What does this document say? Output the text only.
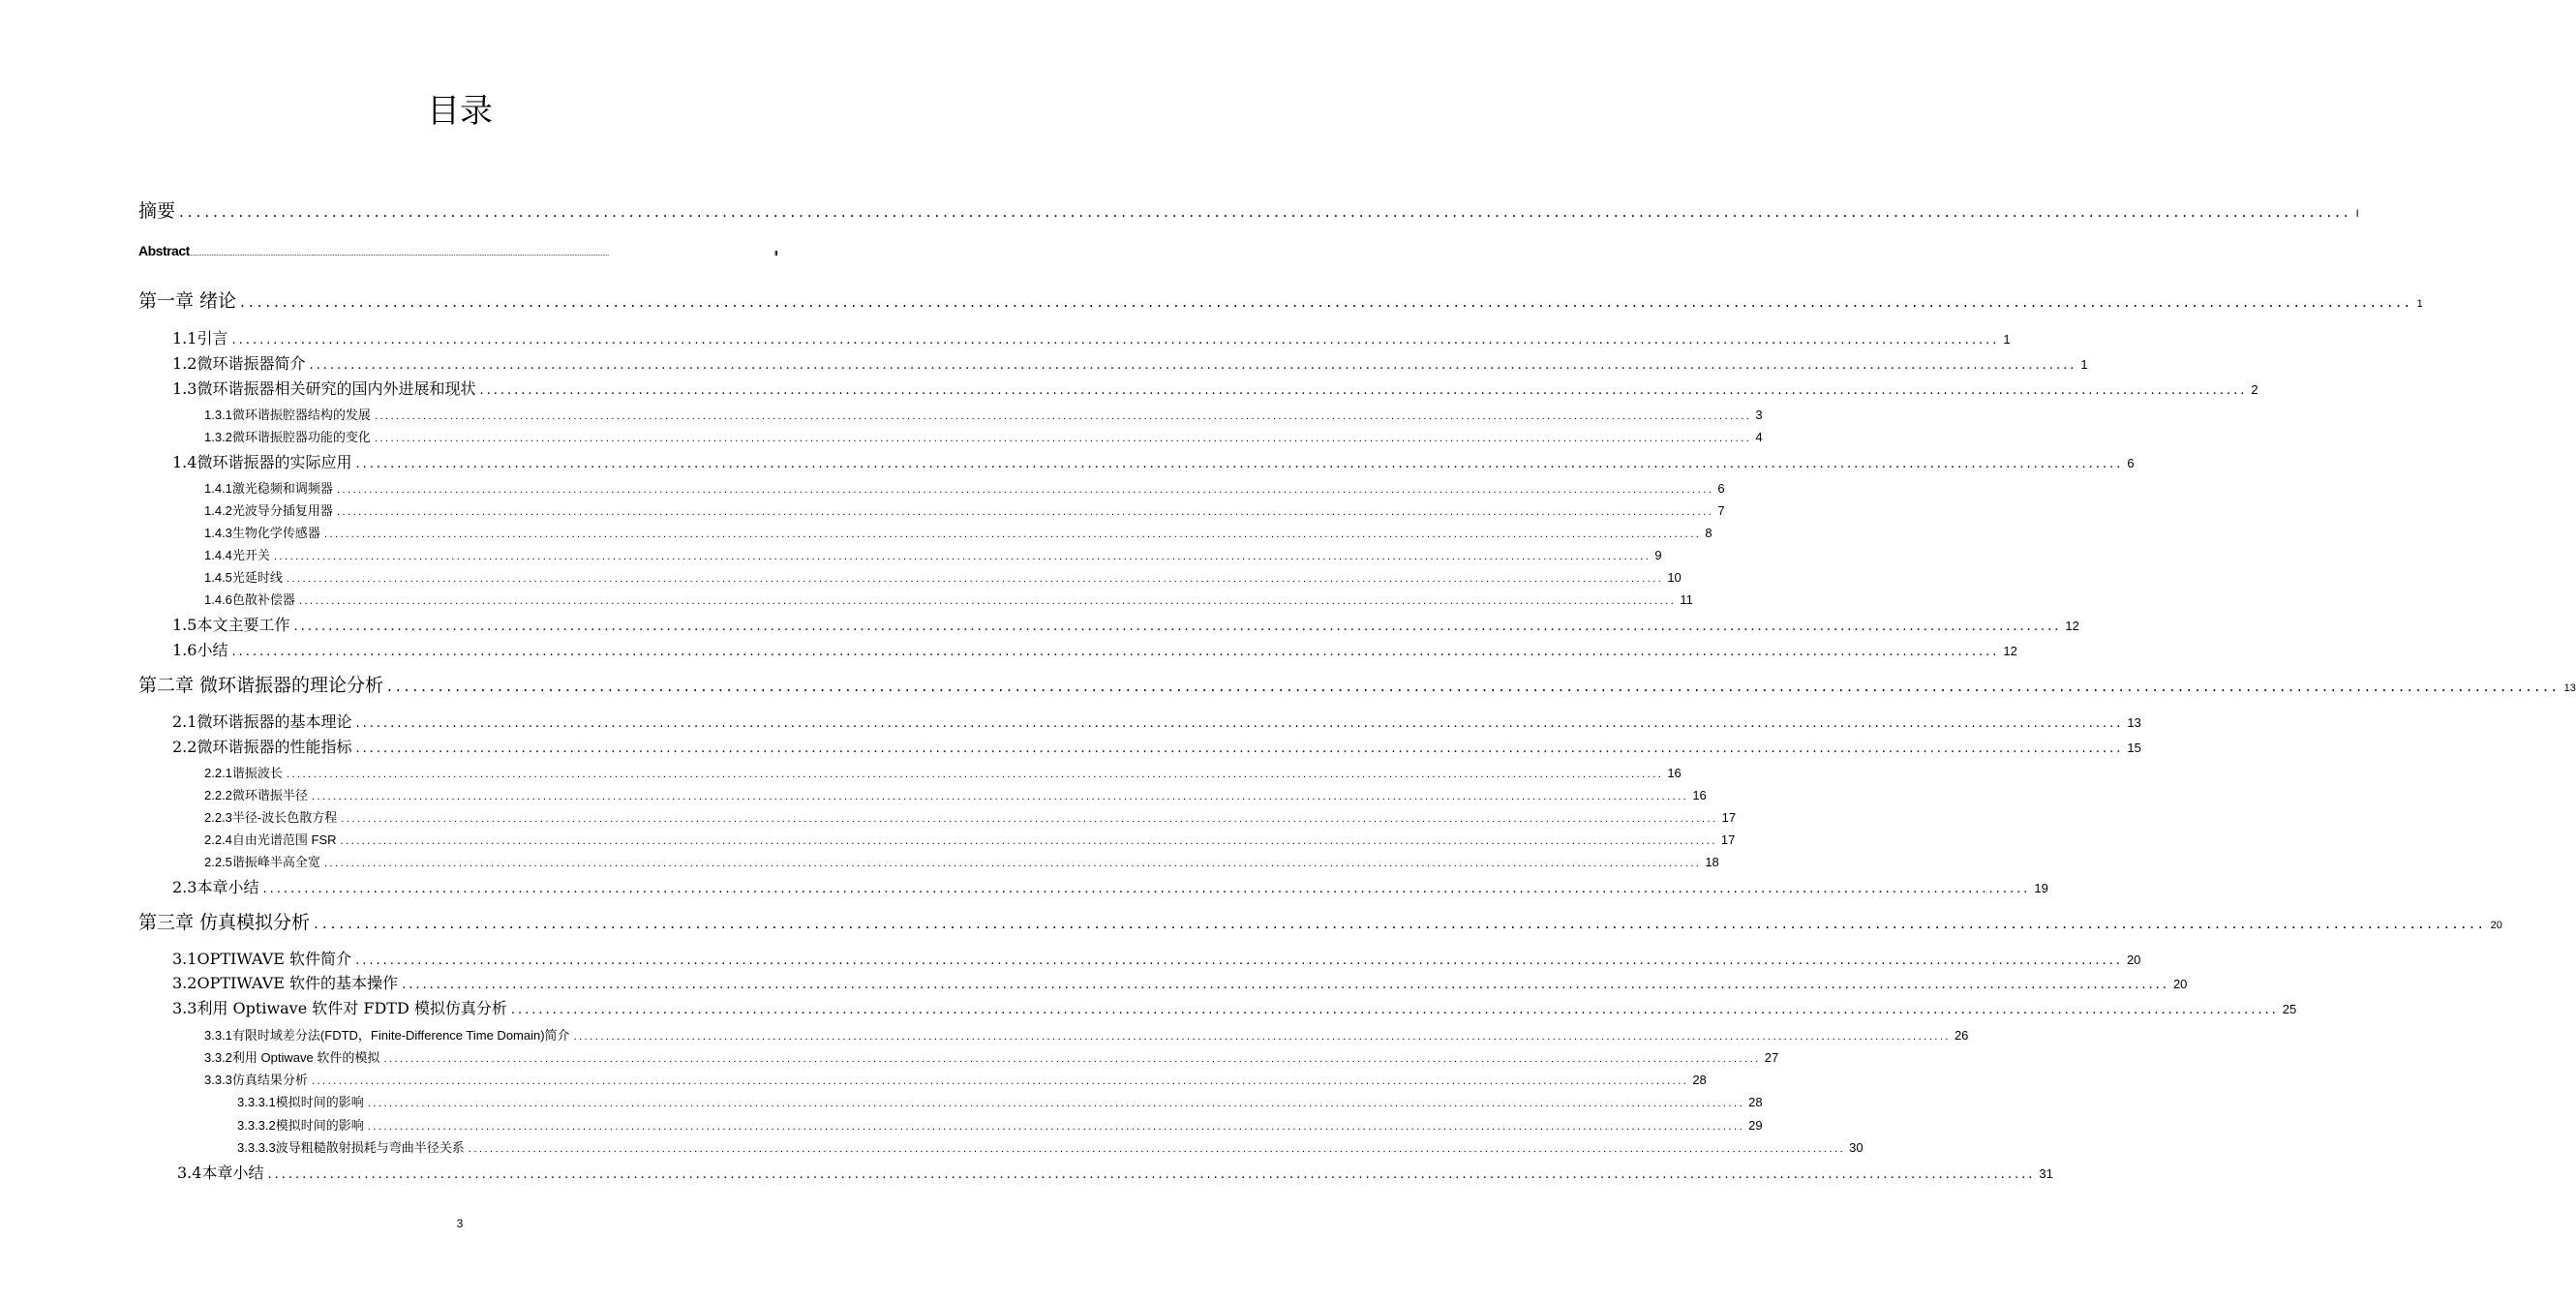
目录
摘要 ................................................................................................................................................................................................................................................................ I
Abstract ................................................................................................................................................................................................................................................................	II
第一章 绪论 ................................................................................................................................................................................................................................................................ 1
1.1 引言 ................................................................................................................................................................................................................................................................ 1
1.2 微环谐振器简介 ................................................................................................................................................................................................................................................................ 1
1.3 微环谐振器相关研究的国内外进展和现状 ................................................................................................................................................................................................................................................................ 2
1.3.1 微环谐振腔器结构的发展 ................................................................................................................................................................................................................................................................ 3
1.3.2 微环谐振腔器功能的变化 ................................................................................................................................................................................................................................................................ 4
1.4 微环谐振器的实际应用 ................................................................................................................................................................................................................................................................ 6
1.4.1 激光稳频和调频器 ................................................................................................................................................................................................................................................................ 6
1.4.2 光波导分插复用器 ................................................................................................................................................................................................................................................................ 7
1.4.3 生物化学传感器 ................................................................................................................................................................................................................................................................ 8
1.4.4 光开关 ................................................................................................................................................................................................................................................................ 9
1.4.5 光延时线 ................................................................................................................................................................................................................................................................ 10
1.4.6 色散补偿器 ................................................................................................................................................................................................................................................................ 11
1.5 本文主要工作 ................................................................................................................................................................................................................................................................ 12
1.6 小结 ................................................................................................................................................................................................................................................................ 12
第二章 微环谐振器的理论分析 ................................................................................................................................................................................................................................................................ 13
2.1 微环谐振器的基本理论 ................................................................................................................................................................................................................................................................ 13
2.2 微环谐振器的性能指标 ................................................................................................................................................................................................................................................................ 15
2.2.1 谐振波长 ................................................................................................................................................................................................................................................................ 16
2.2.2 微环谐振半径 ................................................................................................................................................................................................................................................................ 16
2.2.3 半径-波长色散方程 ................................................................................................................................................................................................................................................................ 17
2.2.4 自由光谱范围 FSR ................................................................................................................................................................................................................................................................ 17
2.2.5 谐振峰半高全宽 ................................................................................................................................................................................................................................................................ 18
2.3 本章小结 ................................................................................................................................................................................................................................................................ 19
第三章 仿真模拟分析 ................................................................................................................................................................................................................................................................ 20
3.1 OPTIWAVE 软件简介 ................................................................................................................................................................................................................................................................ 20
3.2 OPTIWAVE 软件的基本操作 ................................................................................................................................................................................................................................................................ 20
3.3 利用 Optiwave 软件对 FDTD 模拟仿真分析 ................................................................................................................................................................................................................................................................ 25
3.3.1 有限时域差分法(FDTD，Finite-Difference Time Domain)简介 ................................................................................................................................................................................................................................................................ 26
3.3.2 利用 Optiwave 软件的模拟 ................................................................................................................................................................................................................................................................ 27
3.3.3 仿真结果分析 ................................................................................................................................................................................................................................................................ 28
3.3.3.1 模拟时间的影响 ................................................................................................................................................................................................................................................................ 28
3.3.3.2 模拟时间的影响 ................................................................................................................................................................................................................................................................ 29
3.3.3.3 波导粗糙散射损耗与弯曲半径关系 ................................................................................................................................................................................................................................................................ 30
3.4 本章小结 ................................................................................................................................................................................................................................................................ 31
3
